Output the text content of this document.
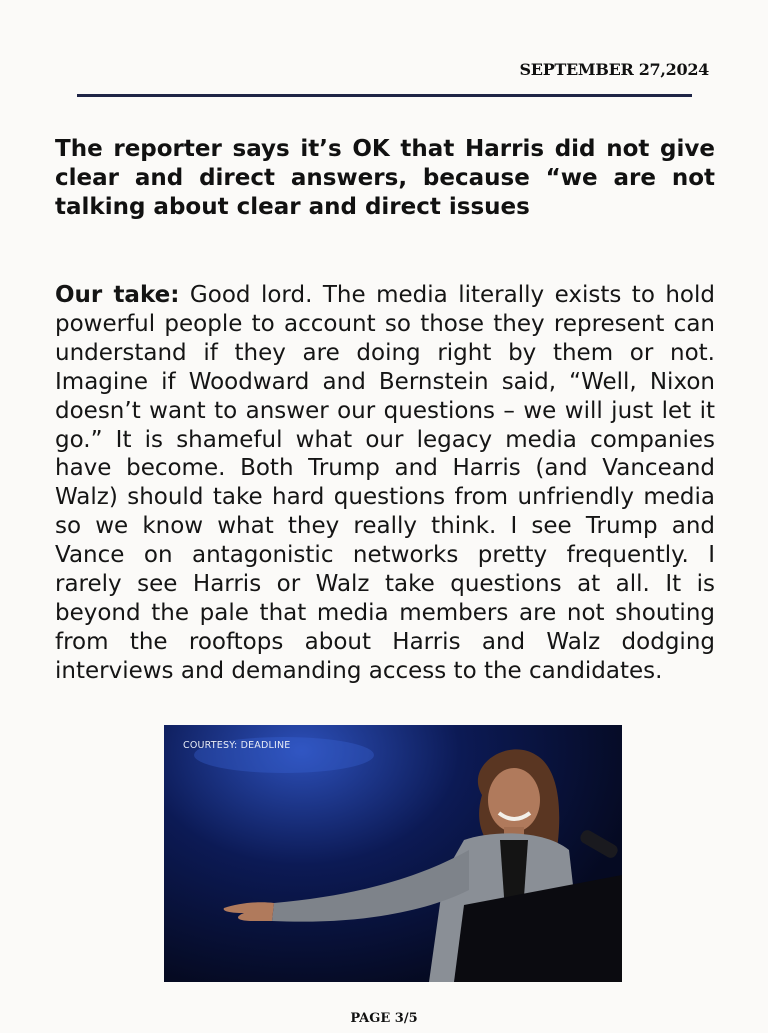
SEPTEMBER 27,2024
The reporter says it’s OK that Harris did not give clear and direct answers, because “we are not talking about clear and direct issues

Our take: Good lord. The media literally exists to hold powerful people to account so those they represent can understand if they are doing right by them or not. Imagine if Woodward and Bernstein said, “Well, Nixon doesn’t want to answer our questions – we will just let it go.” It is shameful what our legacy media companies have become. Both Trump and Harris (and Vanceand Walz) should take hard questions from unfriendly media so we know what they really think. I see Trump and Vance on antagonistic networks pretty frequently. I rarely see Harris or Walz take questions at all. It is beyond the pale that media members are not shouting from the rooftops about Harris and Walz dodging interviews and demanding access to the candidates.

COURTESY: DEADLINE
PAGE 3/5
